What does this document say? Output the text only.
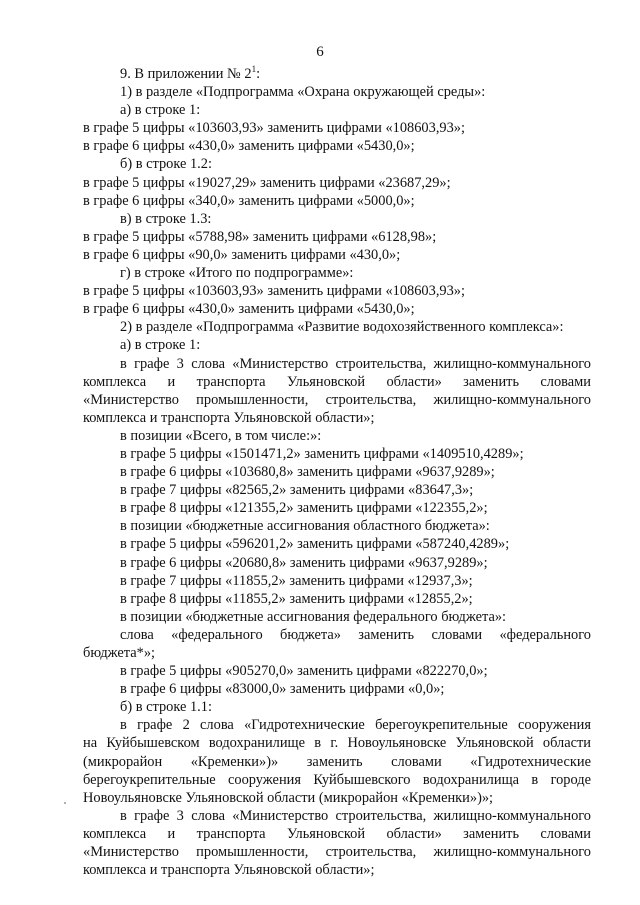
6
9. В приложении № $2^1$:
1) в разделе «Подпрограмма «Охрана окружающей среды»:
а) в строке 1:
в графе 5 цифры «103603,93» заменить цифрами «108603,93»;
в графе 6 цифры «430,0» заменить цифрами «5430,0»;
б) в строке 1.2:
в графе 5 цифры «19027,29» заменить цифрами «23687,29»;
в графе 6 цифры «340,0» заменить цифрами «5000,0»;
в) в строке 1.3:
в графе 5 цифры «5788,98» заменить цифрами «6128,98»;
в графе 6 цифры «90,0» заменить цифрами «430,0»;
г) в строке «Итого по подпрограмме»:
в графе 5 цифры «103603,93» заменить цифрами «108603,93»;
в графе 6 цифры «430,0» заменить цифрами «5430,0»;
2) в разделе «Подпрограмма «Развитие водохозяйственного комплекса»:
а) в строке 1:
в графе 3 слова «Министерство строительства, жилищно-коммунального
комплекса и транспорта Ульяновской области» заменить словами
«Министерство промышленности, строительства, жилищно-коммунального
комплекса и транспорта Ульяновской области»;
в позиции «Всего, в том числе:»:
в графе 5 цифры «1501471,2» заменить цифрами «1409510,4289»;
в графе 6 цифры «103680,8» заменить цифрами «9637,9289»;
в графе 7 цифры «82565,2» заменить цифрами «83647,3»;
в графе 8 цифры «121355,2» заменить цифрами «122355,2»;
в позиции «бюджетные ассигнования областного бюджета»:
в графе 5 цифры «596201,2» заменить цифрами «587240,4289»;
в графе 6 цифры «20680,8» заменить цифрами «9637,9289»;
в графе 7 цифры «11855,2» заменить цифрами «12937,3»;
в графе 8 цифры «11855,2» заменить цифрами «12855,2»;
в позиции «бюджетные ассигнования федерального бюджета»:
слова «федерального бюджета» заменить словами «федерального
бюджета*»;
в графе 5 цифры «905270,0» заменить цифрами «822270,0»;
в графе 6 цифры «83000,0» заменить цифрами «0,0»;
б) в строке 1.1:
в графе 2 слова «Гидротехнические берегоукрепительные сооружения
на Куйбышевском водохранилище в г. Новоульяновске Ульяновской области
(микрорайон «Кременки»)» заменить словами «Гидротехнические
берегоукрепительные сооружения Куйбышевского водохранилища в городе
Новоульяновске Ульяновской области (микрорайон «Кременки»)»;
в графе 3 слова «Министерство строительства, жилищно-коммунального
комплекса и транспорта Ульяновской области» заменить словами
«Министерство промышленности, строительства, жилищно-коммунального
комплекса и транспорта Ульяновской области»;
